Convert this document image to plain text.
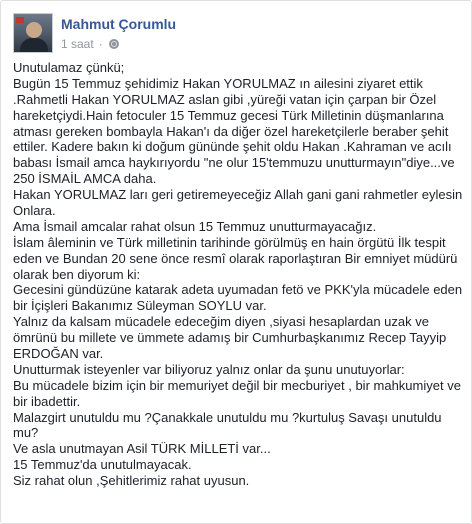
Mahmut Çorumlu
1 saat ·
Unutulamaz çünkü;
Bugün 15 Temmuz şehidimiz Hakan YORULMAZ ın ailesini ziyaret ettik
.Rahmetli Hakan YORULMAZ aslan gibi ,yüreği vatan için çarpan bir Özel
hareketçiydi.Hain fetoculer 15 Temmuz gecesi Türk Milletinin düşmanlarına
atması gereken bombayla Hakan'ı da diğer özel hareketçilerle beraber şehit
ettiler. Kadere bakın ki doğum gününde şehit oldu Hakan .Kahraman ve acılı
babası İsmail amca haykırıyordu "ne olur 15'temmuzu unutturmayın"diye...ve
250 İSMAİL AMCA daha.
Hakan YORULMAZ ları geri getiremeyeceğiz Allah gani gani rahmetler eylesin
Onlara.
Ama İsmail amcalar rahat olsun 15 Temmuz unutturmayacağız.
İslam âleminin ve Türk milletinin tarihinde görülmüş en hain örgütü İlk tespit
eden ve Bundan 20 sene önce resmî olarak raporlaştıran Bir emniyet müdürü
olarak ben diyorum ki:
Gecesini gündüzüne katarak adeta uyumadan fetö ve PKK'yla mücadele eden
bir İçişleri Bakanımız Süleyman SOYLU var.
Yalnız da kalsam mücadele edeceğim diyen ,siyasi hesaplardan uzak ve
ömrünü bu millete ve ümmete adamış bir Cumhurbaşkanımız Recep Tayyip
ERDOĞAN var.
Unutturmak isteyenler var biliyoruz yalnız onlar da şunu unutuyorlar:
Bu mücadele bizim için bir memuriyet değil bir mecburiyet , bir mahkumiyet ve
bir ibadettir.
Malazgirt unutuldu mu ?Çanakkale unutuldu mu ?kurtuluş Savaşı unutuldu
mu?
Ve asla unutmayan Asil TÜRK MİLLETİ var...
15 Temmuz'da unutulmayacak.
Siz rahat olun ,Şehitlerimiz rahat uyusun.
